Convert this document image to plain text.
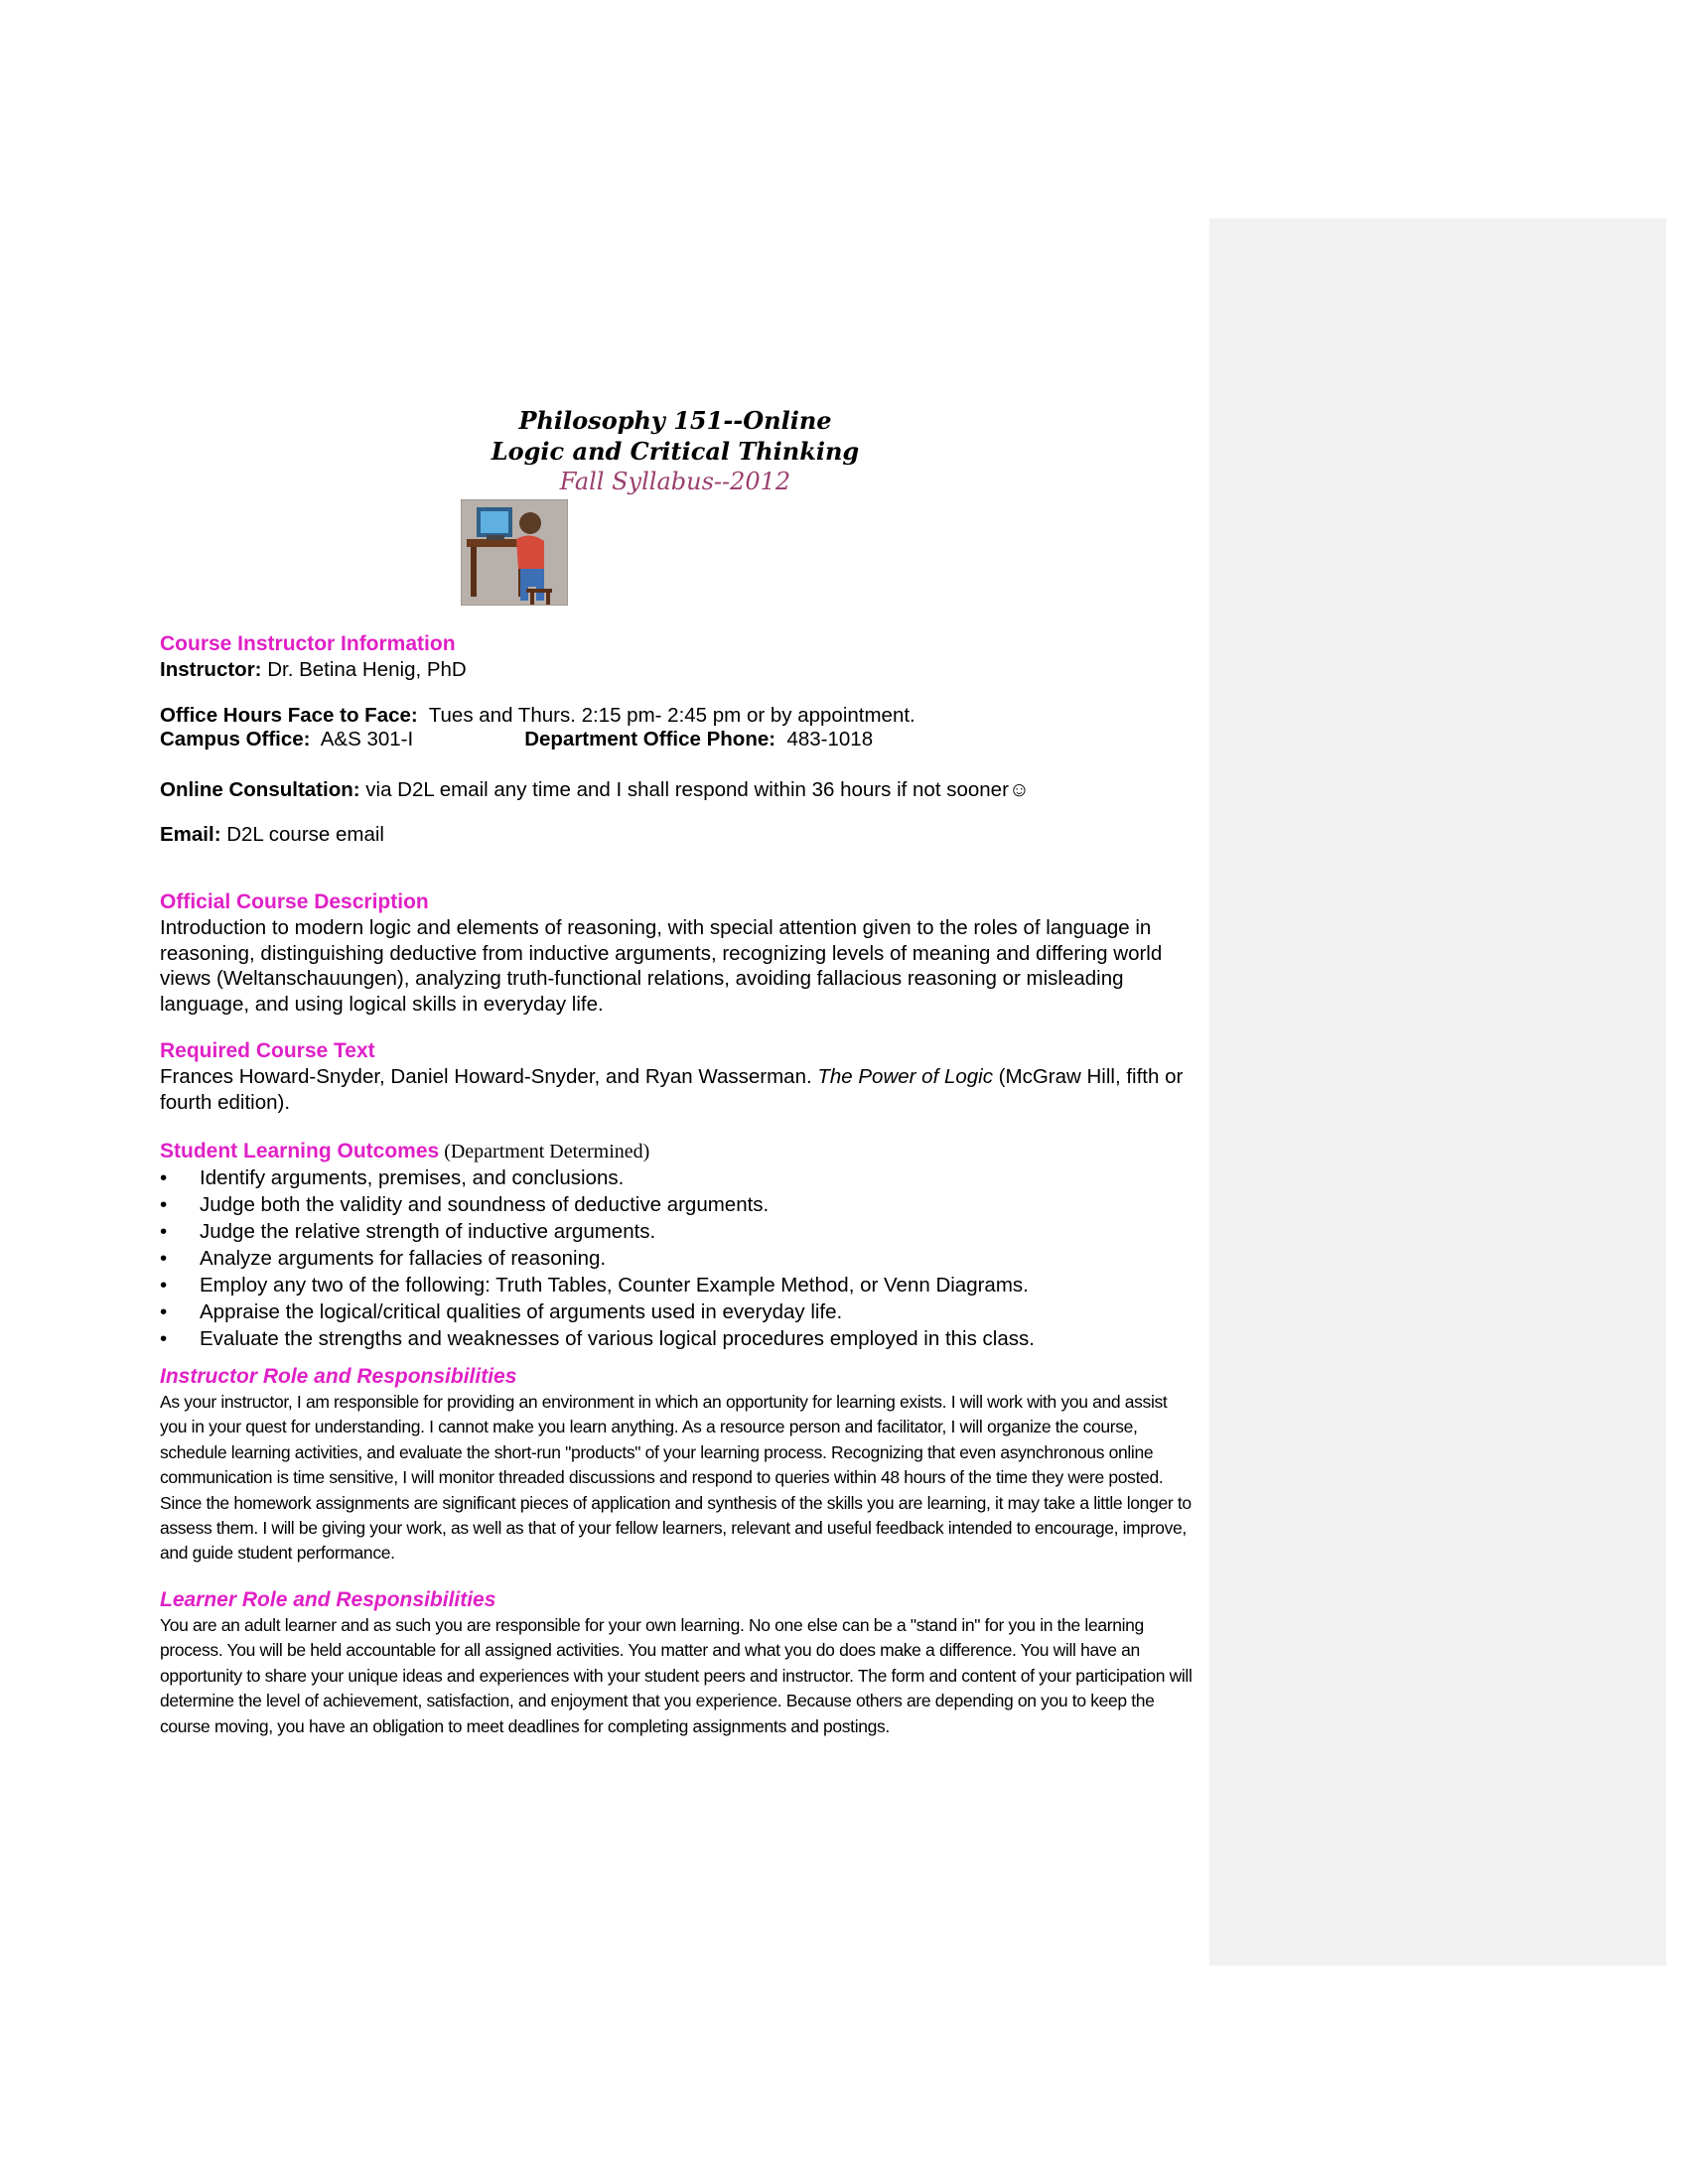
Philosophy 151--Online
Logic and Critical Thinking
Fall Syllabus--2012
Course Instructor Information
Instructor: Dr. Betina Henig, PhD
Office Hours Face to Face:  Tues and Thurs. 2:15 pm- 2:45 pm or by appointment.
Campus Office:  A&S 301-I	Department Office Phone:  483-1018
Online Consultation: via D2L email any time and I shall respond within 36 hours if not sooner☺
Email: D2L course email
Official Course Description
Introduction to modern logic and elements of reasoning, with special attention given to the roles of language in reasoning, distinguishing deductive from inductive arguments, recognizing levels of meaning and differing world views (Weltanschauungen), analyzing truth-functional relations, avoiding fallacious reasoning or misleading language, and using logical skills in everyday life.
Required Course Text
Frances Howard-Snyder, Daniel Howard-Snyder, and Ryan Wasserman. The Power of Logic (McGraw Hill, fifth or fourth edition).
Student Learning Outcomes (Department Determined)
• Identify arguments, premises, and conclusions.
• Judge both the validity and soundness of deductive arguments.
• Judge the relative strength of inductive arguments.
• Analyze arguments for fallacies of reasoning.
• Employ any two of the following: Truth Tables, Counter Example Method, or Venn Diagrams.
• Appraise the logical/critical qualities of arguments used in everyday life.
• Evaluate the strengths and weaknesses of various logical procedures employed in this class.
Instructor Role and Responsibilities
As your instructor, I am responsible for providing an environment in which an opportunity for learning exists. I will work with you and assist you in your quest for understanding. I cannot make you learn anything. As a resource person and facilitator, I will organize the course, schedule learning activities, and evaluate the short-run "products" of your learning process. Recognizing that even asynchronous online communication is time sensitive, I will monitor threaded discussions and respond to queries within 48 hours of the time they were posted. Since the homework assignments are significant pieces of application and synthesis of the skills you are learning, it may take a little longer to assess them. I will be giving your work, as well as that of your fellow learners, relevant and useful feedback intended to encourage, improve, and guide student performance.
Learner Role and Responsibilities
You are an adult learner and as such you are responsible for your own learning. No one else can be a "stand in" for you in the learning process. You will be held accountable for all assigned activities. You matter and what you do does make a difference. You will have an opportunity to share your unique ideas and experiences with your student peers and instructor. The form and content of your participation will determine the level of achievement, satisfaction, and enjoyment that you experience. Because others are depending on you to keep the course moving, you have an obligation to meet deadlines for completing assignments and postings.
